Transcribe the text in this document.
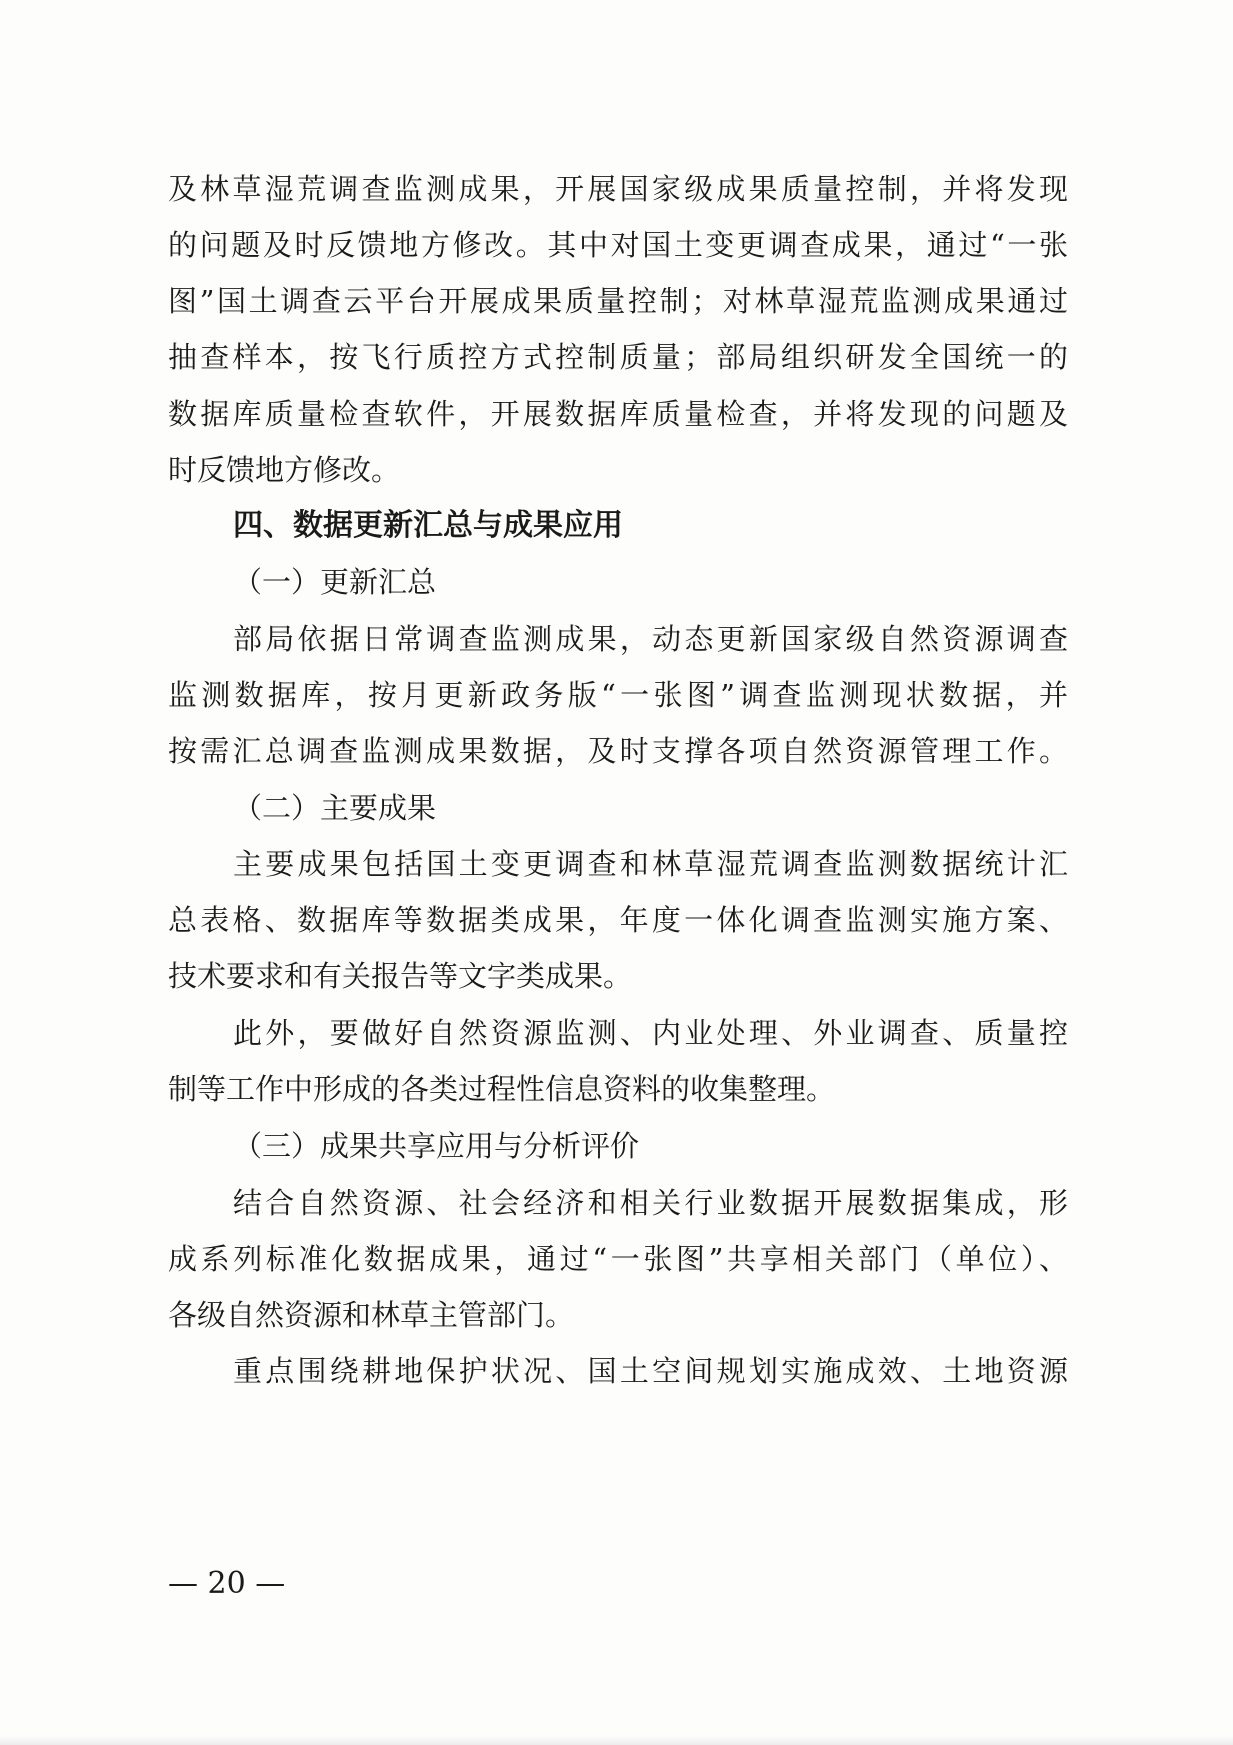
及林草湿荒调查监测成果，开展国家级成果质量控制，并将发现
的问题及时反馈地方修改。其中对国土变更调查成果，通过“一张
图”国土调查云平台开展成果质量控制；对林草湿荒监测成果通过
抽查样本，按飞行质控方式控制质量；部局组织研发全国统一的
数据库质量检查软件，开展数据库质量检查，并将发现的问题及
时反馈地方修改。
四、数据更新汇总与成果应用
（一）更新汇总
部局依据日常调查监测成果，动态更新国家级自然资源调查
监测数据库，按月更新政务版“一张图”调查监测现状数据，并
按需汇总调查监测成果数据，及时支撑各项自然资源管理工作。
（二）主要成果
主要成果包括国土变更调查和林草湿荒调查监测数据统计汇
总表格、数据库等数据类成果，年度一体化调查监测实施方案、
技术要求和有关报告等文字类成果。
此外，要做好自然资源监测、内业处理、外业调查、质量控
制等工作中形成的各类过程性信息资料的收集整理。
（三）成果共享应用与分析评价
结合自然资源、社会经济和相关行业数据开展数据集成，形
成系列标准化数据成果，通过“一张图”共享相关部门（单位）、
各级自然资源和林草主管部门。
重点围绕耕地保护状况、国土空间规划实施成效、土地资源
— 20 —
